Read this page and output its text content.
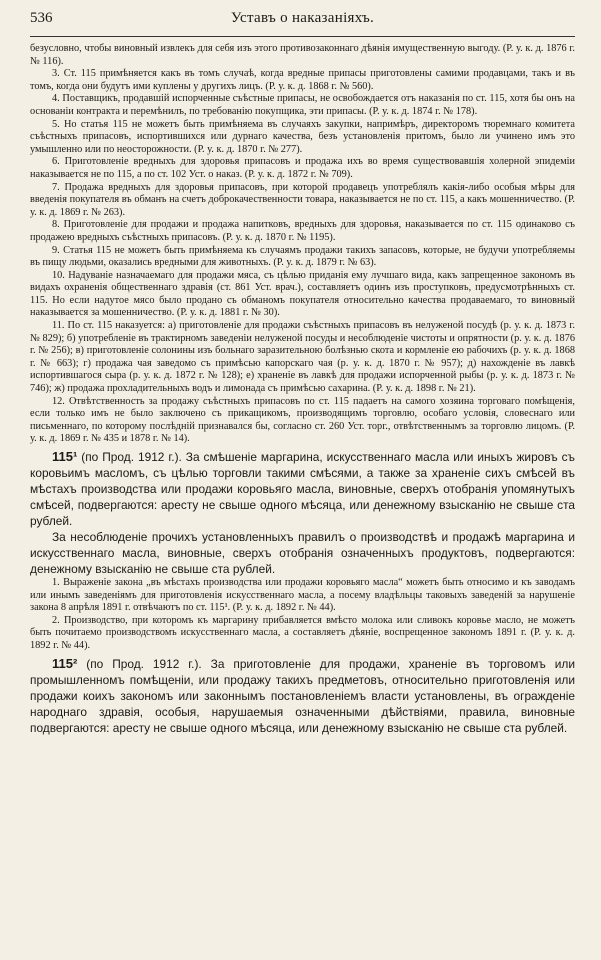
536	Уставъ о наказаніяхъ.

безусловно, чтобы виновный извлекъ для себя изъ этого противозаконнаго дѣянія имущественную выгоду. (Р. у. к. д. 1876 г. № 116).

3. Ст. 115 примѣняется какъ въ томъ случаѣ, когда вредные припасы приготовлены самими продавцами, такъ и въ томъ, когда они будутъ ими куплены у другихъ лицъ. (Р. у. к. д. 1868 г. № 560).

4. Поставщикъ, продавшій испорченные съѣстные припасы, не освобождается отъ наказанія по ст. 115, хотя бы онъ на основаніи контракта и перемѣнилъ, по требованію покупщика, эти припасы. (Р. у. к. д. 1874 г. № 178).

5. Но статья 115 не можетъ быть примѣняема въ случаяхъ закупки, напримѣръ, директоромъ тюремнаго комитета съѣстныхъ припасовъ, испортившихся или дурнаго качества, безъ установленія притомъ, было ли учинено имъ это умышленно или по неосторожности. (Р. у. к. д. 1870 г. № 277).

6. Приготовленіе вредныхъ для здоровья припасовъ и продажа ихъ во время существовавшія холерной эпидеміи наказывается не по 115, а по ст. 102 Уст. о наказ. (Р. у. к. д. 1872 г. № 709).

7. Продажа вредныхъ для здоровья припасовъ, при которой продавецъ употреблялъ какія-либо особыя мѣры для введенія покупателя въ обманъ на счетъ доброкачественности товара, наказывается не по ст. 115, а какъ мошенничество. (Р. у. к. д. 1869 г. № 263).

8. Приготовленіе для продажи и продажа напитковъ, вредныхъ для здоровья, наказывается по ст. 115 одинаково съ продажею вредныхъ съѣстныхъ припасовъ. (Р. у. к. д. 1870 г. № 1195).

9. Статья 115 не можетъ быть примѣняема къ случаямъ продажи такихъ запасовъ, которые, не будучи употребляемы въ пищу людьми, оказались вредными для животныхъ. (Р. у. к. д. 1879 г. № 63).

10. Надуваніе назначаемаго для продажи мяса, съ цѣлью приданія ему лучшаго вида, какъ запрещенное закономъ въ видахъ охраненія общественнаго здравія (ст. 861 Уст. врач.), составляетъ одинъ изъ проступковъ, предусмотрѣнныхъ ст. 115. Но если надутое мясо было продано съ обманомъ покупателя относительно качества продаваемаго, то виновный наказывается за мошенничество. (Р. у. к. д. 1881 г. № 30).

11. По ст. 115 наказуется: а) приготовленіе для продажи съѣстныхъ припасовъ въ нелуженой посудѣ (р. у. к. д. 1873 г. № 829); б) употребленіе въ трактирномъ заведеніи нелуженой посуды и несоблюденіе чистоты и опрятности (р. у. к. д. 1876 г. № 256); в) приготовленіе солонины изъ больнаго заразительною болѣзнью скота и кормленіе ею рабочихъ (р. у. к. д. 1868 г. № 663); г) продажа чая заведомо съ примѣсью капорскаго чая (р. у. к. д. 1870 г. № 957); д) нахожденіе въ лавкѣ испортившагося сыра (р. у. к. д. 1872 г. № 128); е) храненіе въ лавкѣ для продажи испорченной рыбы (р. у. к. д. 1873 г. № 746); ж) продажа прохладительныхъ водъ и лимонада съ примѣсью сахарина. (Р. у. к. д. 1898 г. № 21).

12. Отвѣтственность за продажу съѣстныхъ припасовъ по ст. 115 падаетъ на самого хозяина торговаго помѣщенія, если только имъ не было заключено съ прикащикомъ, производящимъ торговлю, особаго условія, словеснаго или письменнаго, по которому послѣдній признавался бы, согласно ст. 260 Уст. торг., отвѣтственнымъ за торговлю лицомъ. (Р. у. к. д. 1869 г. № 435 и 1878 г. № 14).

115¹ (по Прод. 1912 г.). За смѣшеніе маргарина, искусственнаго масла или иныхъ жировъ съ коровьимъ масломъ, съ цѣлью торговли такими смѣсями, а также за храненіе сихъ смѣсей въ мѣстахъ производства или продажи коровьяго масла, виновные, сверхъ отобранія упомянутыхъ смѣсей, подвергаются: аресту не свыше одного мѣсяца, или денежному взысканію не свыше ста рублей.

За несоблюденіе прочихъ установленныхъ правилъ о производствѣ и продажѣ маргарина и искусственнаго масла, виновные, сверхъ отобранія означенныхъ продуктовъ, подвергаются: денежному взысканію не свыше ста рублей.

1. Выраженіе закона „въ мѣстахъ производства или продажи коровьяго масла“ можетъ быть относимо и къ заводамъ или инымъ заведеніямъ для приготовленія искусственнаго масла, а посему владѣльцы таковыхъ заведеній за нарушеніе закона 8 апрѣля 1891 г. отвѣчаютъ по ст. 115¹. (Р. у. к. д. 1892 г. № 44).

2. Производство, при которомъ къ маргарину прибавляется вмѣсто молока или сливокъ коровье масло, не можетъ быть почитаемо производствомъ искусственнаго масла, а составляетъ дѣяніе, воспрещенное закономъ 1891 г. (Р. у. к. д. 1892 г. № 44).

115² (по Прод. 1912 г.). За приготовленіе для продажи, храненіе въ торговомъ или промышленномъ помѣщеніи, или продажу такихъ предметовъ, относительно приготовленія или продажи коихъ закономъ или законнымъ постановленіемъ власти установлены, въ огражденіе народнаго здравія, особыя, нарушаемыя означенными дѣйствіями, правила, виновные подвергаются: аресту не свыше одного мѣсяца, или денежному взысканію не свыше ста рублей.
